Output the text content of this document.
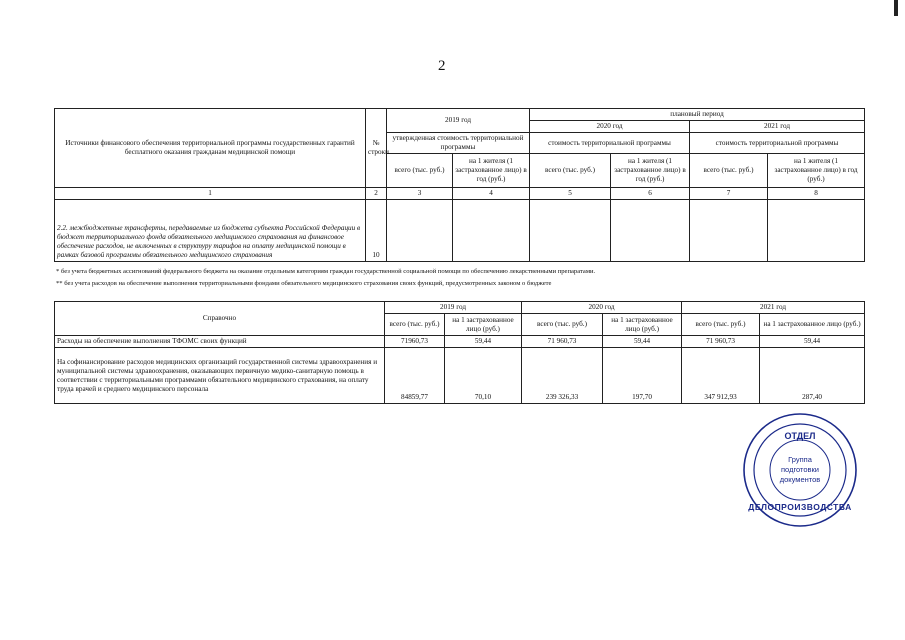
2
Источники финансового обеспечения территориальной программы государственных гарантий бесплатного оказания гражданам медицинской помощи	№ строки	2019 год		плановый период			
				2020 год		2021 год	
		утвержденная стоимость территориальной программы		стоимость территориальной программы		стоимость территориальной программы	
		всего (тыс. руб.)	на 1 жителя (1 застрахованное лицо) в год (руб.)	всего (тыс. руб.)	на 1 жителя (1 застрахованное лицо) в год (руб.)	всего (тыс. руб.)	на 1 жителя (1 застрахованное лицо) в год (руб.)
1	2	3	4	5	6	7	8
2.2. межбюджетные трансферты, передаваемые из бюджета субъекта Российской Федерации в бюджет территориального фонда обязательного медицинского страхования на финансовое обеспечение расходов, не включенных в структуру тарифов на оплату медицинской помощи в рамках базовой программы обязательного медицинского страхования	10						
* без учета бюджетных ассигнований федерального бюджета на оказание отдельным категориям граждан государственной социальной помощи по обеспечению лекарственными препаратами.
** без учета расходов на обеспечение выполнения территориальными фондами обязательного медицинского страхования своих функций, предусмотренных законом о бюджете
Справочно	2019 год		2020 год		2021 год	
	всего (тыс. руб.)	на 1 застрахованное лицо (руб.)	всего (тыс. руб.)	на 1 застрахованное лицо (руб.)	всего (тыс. руб.)	на 1 застрахованное лицо (руб.)
Расходы на обеспечение выполнения ТФОМС своих функций	71960,73	59,44	71 960,73	59,44	71 960,73	59,44
На софинансирование расходов медицинских организаций государственной системы здравоохранения и муниципальной системы здравоохранения, оказывающих первичную медико-санитарную помощь в соответствии с территориальными программами обязательного медицинского страхования, на оплату труда врачей и среднего медицинского персонала	84859,77	70,10	239 326,33	197,70	347 912,93	287,40
ОТДЕЛ
Группа
подготовки
документов
ДЕЛОПРОИЗВОДСТВА
